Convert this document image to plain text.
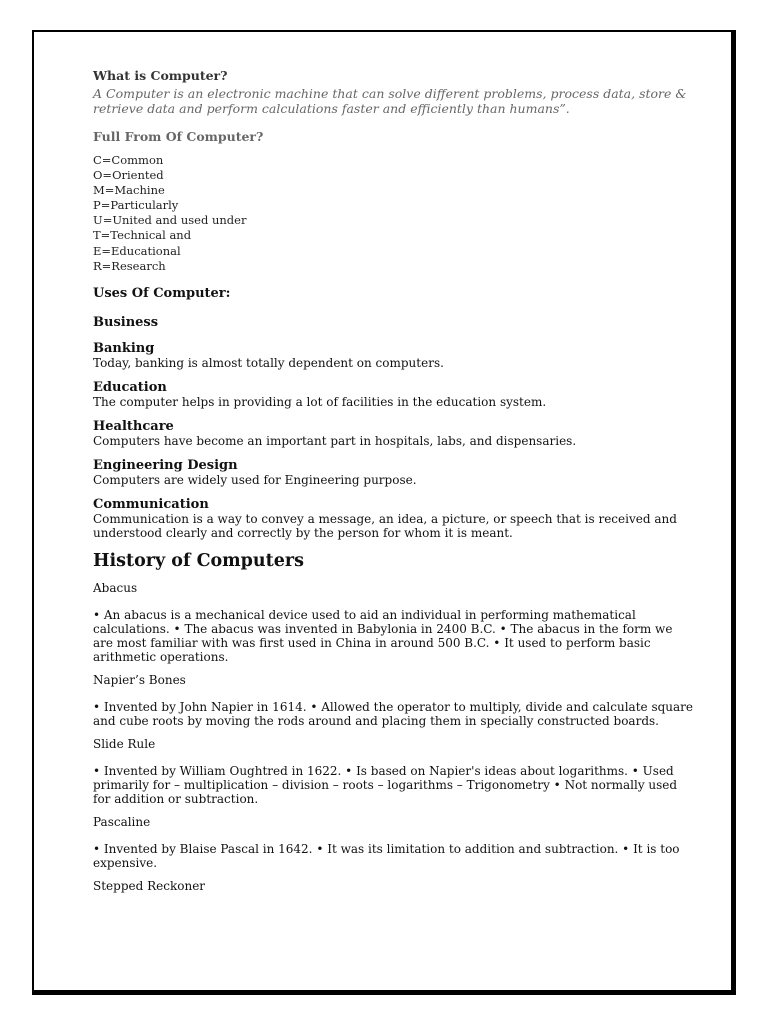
What is Computer?

A Computer is an electronic machine that can solve different problems, process data, store & retrieve data and perform calculations faster and efficiently than humans”.

Full From Of Computer?

C=Common
O=Oriented
M=Machine
P=Particularly
U=United and used under
T=Technical and
E=Educational
R=Research

Uses Of Computer:

Business

Banking

Today, banking is almost totally dependent on computers.

Education

The computer helps in providing a lot of facilities in the education system.

Healthcare

Computers have become an important part in hospitals, labs, and dispensaries.

Engineering Design

Computers are widely used for Engineering purpose.

Communication

Communication is a way to convey a message, an idea, a picture, or speech that is received and understood clearly and correctly by the person for whom it is meant.

History of Computers

Abacus

• An abacus is a mechanical device used to aid an individual in performing mathematical calculations. • The abacus was invented in Babylonia in 2400 B.C. • The abacus in the form we are most familiar with was first used in China in around 500 B.C. • It used to perform basic arithmetic operations.

Napier’s Bones

• Invented by John Napier in 1614. • Allowed the operator to multiply, divide and calculate square and cube roots by moving the rods around and placing them in specially constructed boards.

Slide Rule

• Invented by William Oughtred in 1622. • Is based on Napier's ideas about logarithms. • Used primarily for – multiplication – division – roots – logarithms – Trigonometry • Not normally used for addition or subtraction.

Pascaline

• Invented by Blaise Pascal in 1642. • It was its limitation to addition and subtraction. • It is too expensive.

Stepped Reckoner
